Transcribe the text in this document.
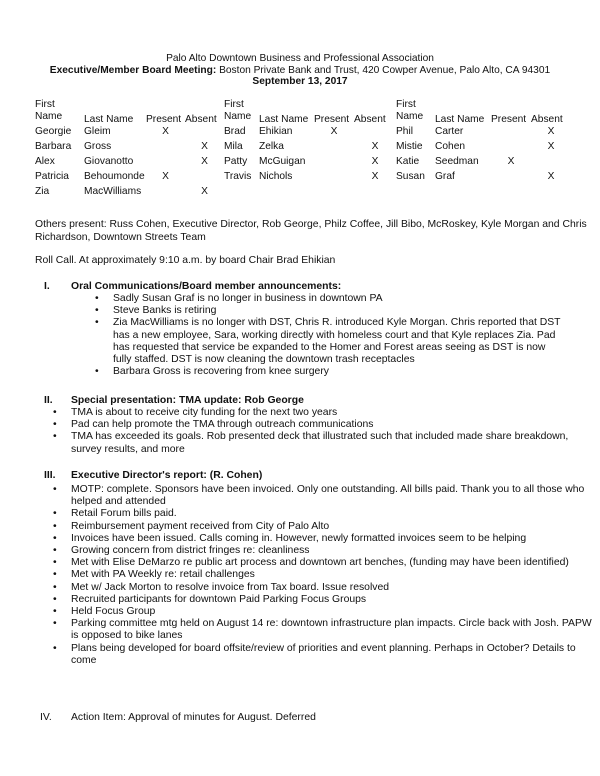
Palo Alto Downtown Business and Professional Association
Executive/Member Board Meeting: Boston Private Bank and Trust, 420 Cowper Avenue, Palo Alto, CA 94301
September 13, 2017
First
Name	Last Name	Present	Absent	First
Name	Last Name	Present	Absent	First
Name	Last Name	Present	Absent
Georgie	Gleim	X		Brad	Ehikian	X		Phil	Carter		X
Barbara	Gross		X	Mila	Zelka		X	Mistie	Cohen		X
Alex	Giovanotto		X	Patty	McGuigan		X	Katie	Seedman	X	
Patricia	Behoumonde	X		Travis	Nichols		X	Susan	Graf		X
Zia	MacWilliams		X								
Others present: Russ Cohen, Executive Director, Rob George, Philz Coffee, Jill Bibo, McRoskey, Kyle Morgan and Chris Richardson, Downtown Streets Team
Roll Call. At approximately 9:10 a.m. by board Chair Brad Ehikian
I. Oral Communications/Board member announcements:
• Sadly Susan Graf is no longer in business in downtown PA
• Steve Banks is retiring
• Zia MacWilliams is no longer with DST, Chris R. introduced Kyle Morgan. Chris reported that DST has a new employee, Sara, working directly with homeless court and that Kyle replaces Zia. Pad has requested that service be expanded to the Homer and Forest areas seeing as DST is now fully staffed. DST is now cleaning the downtown trash receptacles
• Barbara Gross is recovering from knee surgery
II. Special presentation: TMA update: Rob George
• TMA is about to receive city funding for the next two years
• Pad can help promote the TMA through outreach communications
• TMA has exceeded its goals. Rob presented deck that illustrated such that included made share breakdown, survey results, and more
III. Executive Director's report: (R. Cohen)
• MOTP: complete. Sponsors have been invoiced. Only one outstanding. All bills paid. Thank you to all those who helped and attended
• Retail Forum bills paid.
• Reimbursement payment received from City of Palo Alto
• Invoices have been issued. Calls coming in. However, newly formatted invoices seem to be helping
• Growing concern from district fringes re: cleanliness
• Met with Elise DeMarzo re public art process and downtown art benches, (funding may have been identified)
• Met with PA Weekly re: retail challenges
• Met w/ Jack Morton to resolve invoice from Tax board. Issue resolved
• Recruited participants for downtown Paid Parking Focus Groups
• Held Focus Group
• Parking committee mtg held on August 14 re: downtown infrastructure plan impacts. Circle back with Josh. PAPW is opposed to bike lanes
• Plans being developed for board offsite/review of priorities and event planning. Perhaps in October? Details to come
IV. Action Item: Approval of minutes for August. Deferred
